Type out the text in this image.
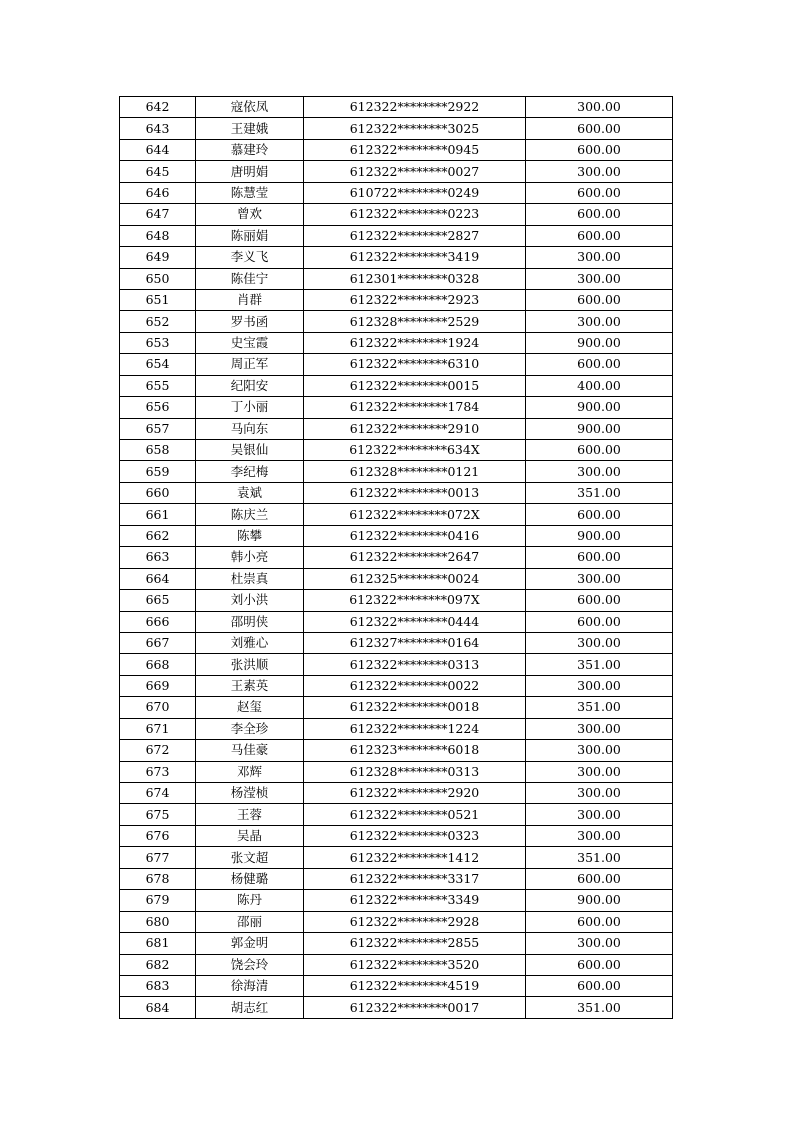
642	寇依凤	612322********2922	300.00
643	王建娥	612322********3025	600.00
644	慕建玲	612322********0945	600.00
645	唐明娟	612322********0027	300.00
646	陈慧莹	610722********0249	600.00
647	曾欢	612322********0223	600.00
648	陈丽娟	612322********2827	600.00
649	李义飞	612322********3419	300.00
650	陈佳宁	612301********0328	300.00
651	肖群	612322********2923	600.00
652	罗书函	612328********2529	300.00
653	史宝霞	612322********1924	900.00
654	周正军	612322********6310	600.00
655	纪阳安	612322********0015	400.00
656	丁小丽	612322********1784	900.00
657	马向东	612322********2910	900.00
658	吴银仙	612322********634X	600.00
659	李纪梅	612328********0121	300.00
660	袁斌	612322********0013	351.00
661	陈庆兰	612322********072X	600.00
662	陈攀	612322********0416	900.00
663	韩小亮	612322********2647	600.00
664	杜崇真	612325********0024	300.00
665	刘小洪	612322********097X	600.00
666	邵明侠	612322********0444	600.00
667	刘雅心	612327********0164	300.00
668	张洪顺	612322********0313	351.00
669	王素英	612322********0022	300.00
670	赵玺	612322********0018	351.00
671	李全珍	612322********1224	300.00
672	马佳豪	612323********6018	300.00
673	邓辉	612328********0313	300.00
674	杨滢桢	612322********2920	300.00
675	王蓉	612322********0521	300.00
676	吴晶	612322********0323	300.00
677	张文超	612322********1412	351.00
678	杨健璐	612322********3317	600.00
679	陈丹	612322********3349	900.00
680	邵丽	612322********2928	600.00
681	郭金明	612322********2855	300.00
682	饶会玲	612322********3520	600.00
683	徐海清	612322********4519	600.00
684	胡志红	612322********0017	351.00
